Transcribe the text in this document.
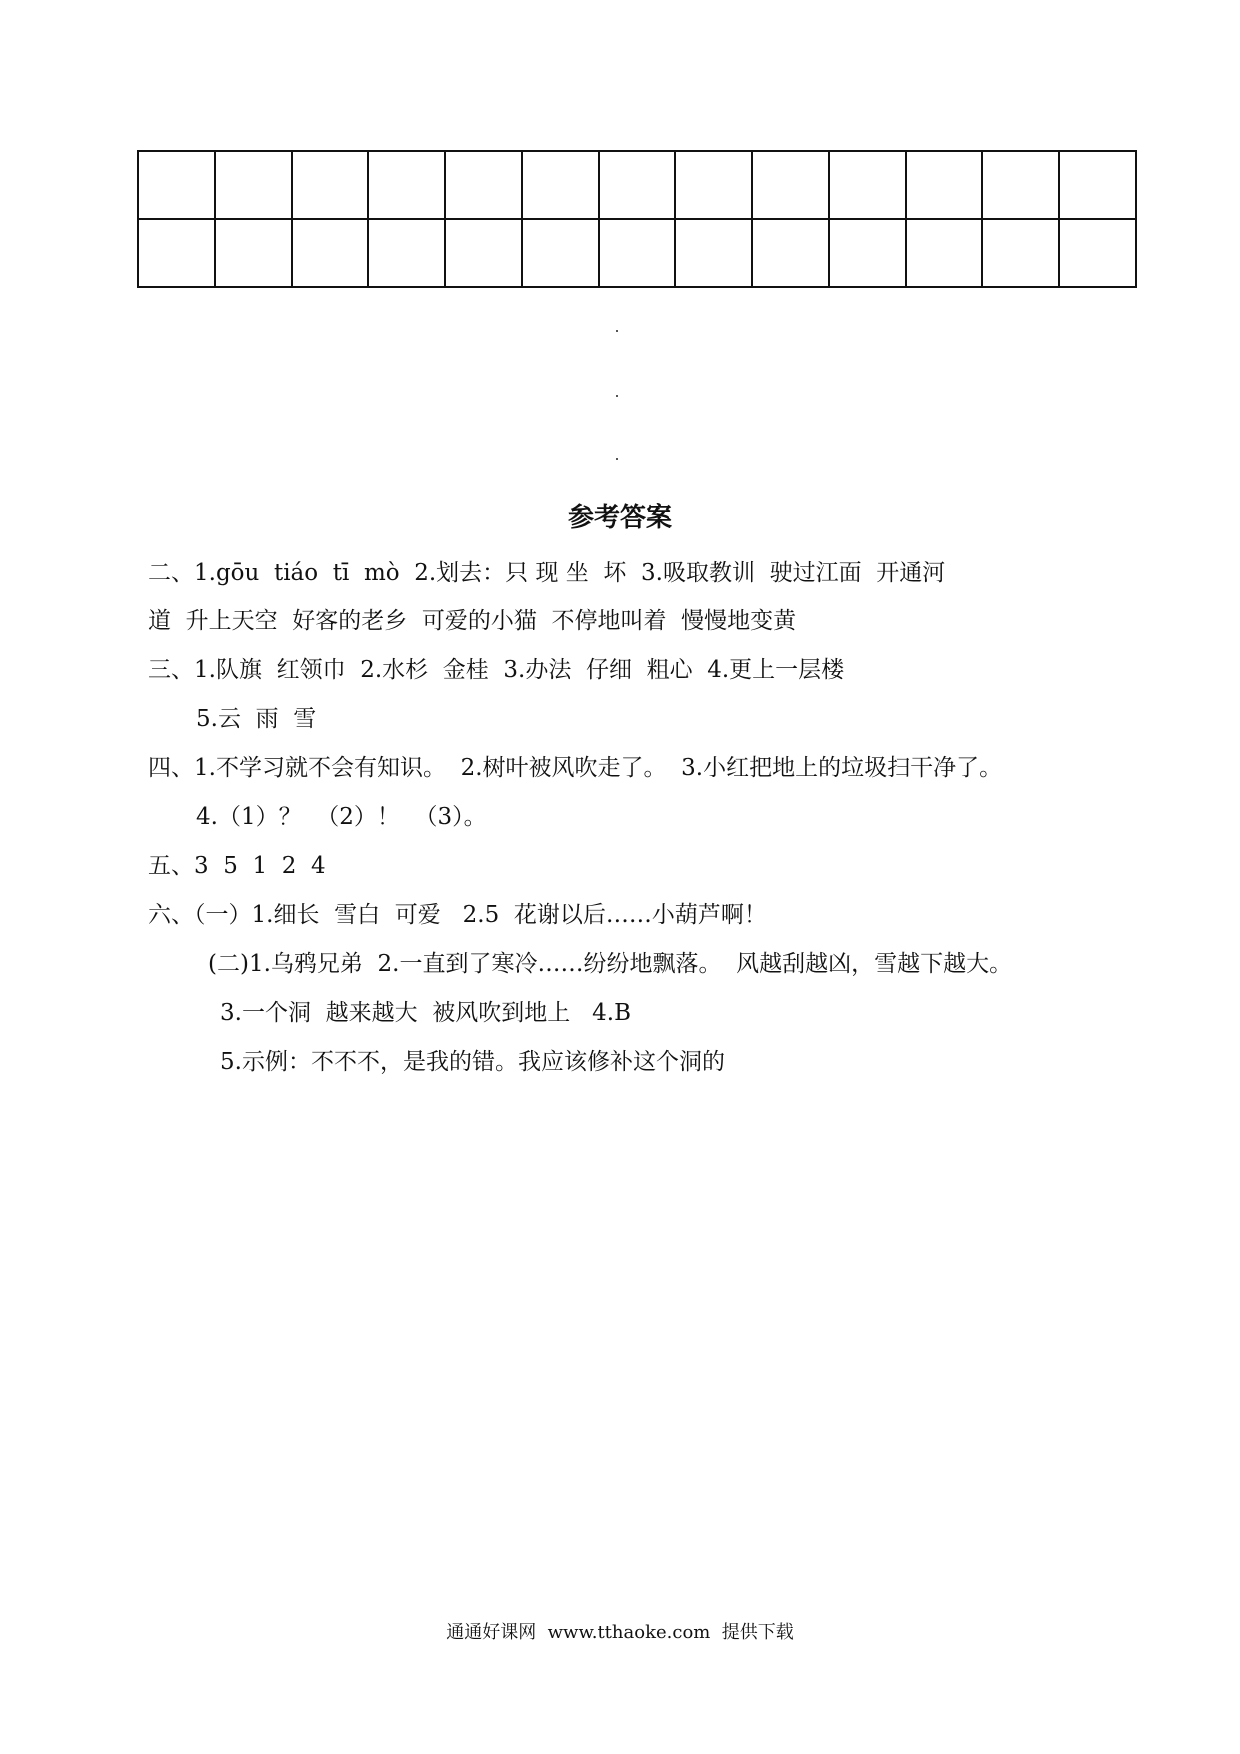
参考答案
二、1.gōu  tiáo  tī  mò  2.划去：只 现 坐  坏  3.吸取教训  驶过江面  开通河
道  升上天空  好客的老乡  可爱的小猫  不停地叫着  慢慢地变黄
三、1.队旗  红领巾  2.水杉  金桂  3.办法  仔细  粗心  4.更上一层楼
5.云  雨  雪
四、1.不学习就不会有知识。  2.树叶被风吹走了。  3.小红把地上的垃圾扫干净了。
4.（1）？  （2）！  （3）。
五、3  5  1  2  4
六、（一）1.细长  雪白  可爱   2.5  花谢以后……小葫芦啊！
(二)1.乌鸦兄弟  2.一直到了寒冷……纷纷地飘落。  风越刮越凶，雪越下越大。
3.一个洞  越来越大  被风吹到地上   4.B
5.示例：不不不，是我的错。我应该修补这个洞的
通通好课网  www.tthaoke.com  提供下载
